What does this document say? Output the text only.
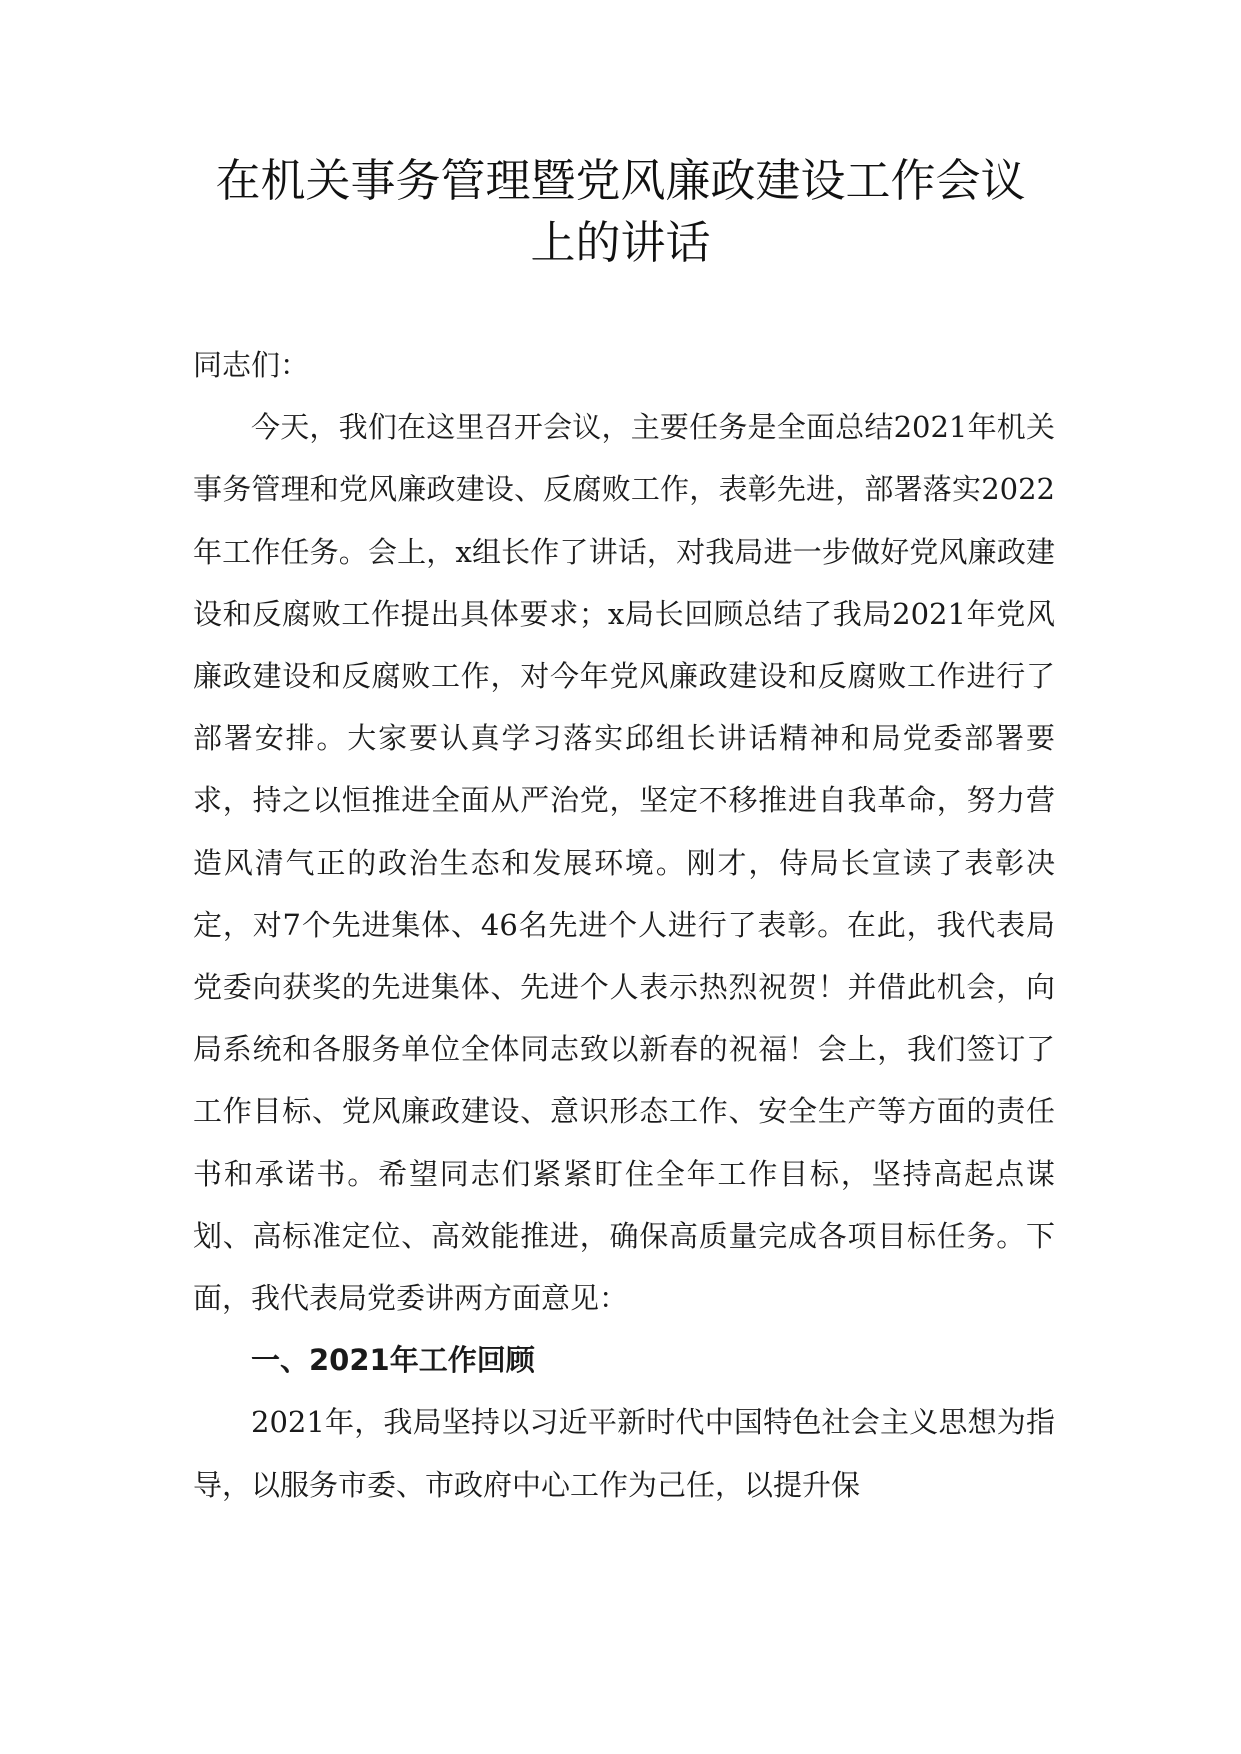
在机关事务管理暨党风廉政建设工作会议
上的讲话

同志们：

今天，我们在这里召开会议，主要任务是全面总结2021年机关事务管理和党风廉政建设、反腐败工作，表彰先进，部署落实2022年工作任务。会上，x组长作了讲话，对我局进一步做好党风廉政建设和反腐败工作提出具体要求；x局长回顾总结了我局2021年党风廉政建设和反腐败工作，对今年党风廉政建设和反腐败工作进行了部署安排。大家要认真学习落实邱组长讲话精神和局党委部署要求，持之以恒推进全面从严治党，坚定不移推进自我革命，努力营造风清气正的政治生态和发展环境。刚才，侍局长宣读了表彰决定，对7个先进集体、46名先进个人进行了表彰。在此，我代表局党委向获奖的先进集体、先进个人表示热烈祝贺！并借此机会，向局系统和各服务单位全体同志致以新春的祝福！会上，我们签订了工作目标、党风廉政建设、意识形态工作、安全生产等方面的责任书和承诺书。希望同志们紧紧盯住全年工作目标，坚持高起点谋划、高标准定位、高效能推进，确保高质量完成各项目标任务。下面，我代表局党委讲两方面意见：

一、2021年工作回顾

2021年，我局坚持以习近平新时代中国特色社会主义思想为指导，以服务市委、市政府中心工作为己任，以提升保
